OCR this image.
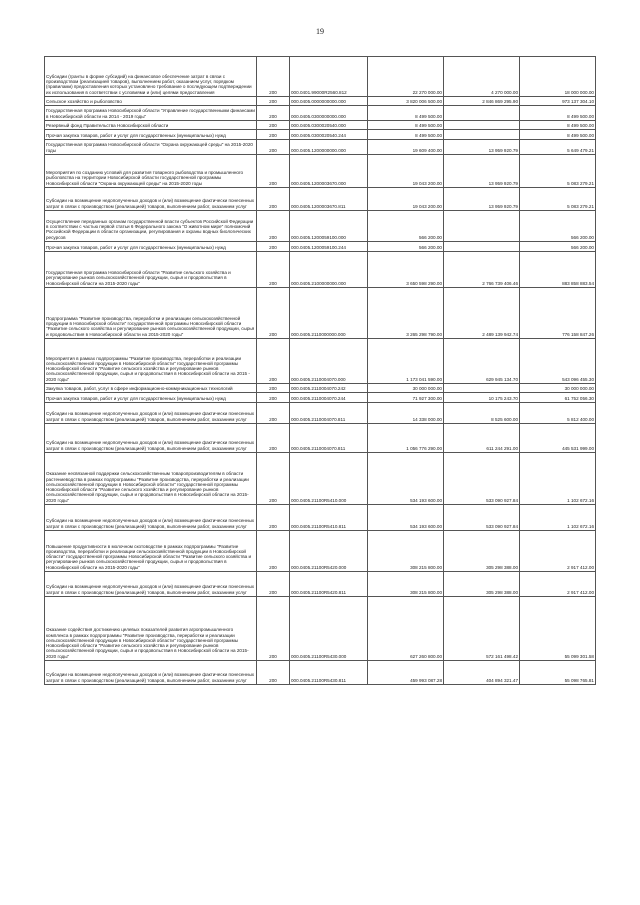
19
Субсидии (гранты в форме субсидий) на финансовое обеспечение затрат в связи с производством (реализацией товаров), выполнением работ, оказанием услуг, порядком (правилами) предоставления которых установлено требование о последующем подтверждении их использования в соответствии с условиями и (или) целями предоставления	200	000.0401.99000R2560.812	22 270 000.00	4 270 000.00	18 000 000.00
Сельское хозяйство и рыболовство	200	000.0405.0000000000.000	3 820 006 500.00	2 846 869 295.90	973 137 304.10
Государственная программа Новосибирской области "Управление государственными финансами в Новосибирской области на 2014 - 2019 годы"	200	000.0405.0300000000.000	8 499 500.00		8 499 500.00
Резервный фонд Правительства Новосибирской области	200	000.0405.0300020540.000	8 499 500.00		8 499 500.00
Прочая закупка товаров, работ и услуг для государственных (муниципальных) нужд	200	000.0405.0300020540.244	8 499 500.00		8 499 500.00
Государственная программа Новосибирской области "Охрана окружающей среды" на 2015-2020 годы	200	000.0405.1200000000.000	19 609 400.00	13 959 920.79	5 649 479.21
Мероприятия по созданию условий для развития товарного рыбоводства и промышленного рыболовства на территории Новосибирской области государственной программы Новосибирской области "Охрана окружающей среды" на 2015-2020 годы	200	000.0405.1200003670.000	19 043 200.00	13 959 920.79	5 083 279.21
Субсидии на возмещение недополученных доходов и (или) возмещение фактически понесенных затрат в связи с производством (реализацией) товаров, выполнением работ, оказанием услуг	200	000.0405.1200003670.811	19 043 200.00	13 959 920.79	5 083 279.21
Осуществление переданных органам государственной власти субъектов Российской Федерации в соответствии с частью первой статьи 6 Федерального закона "О животном мире" полномочий Российской Федерации в области организации, регулирования и охраны водных биологических ресурсов	200	000.0405.1200059100.000	566 200.00		566 200.00
Прочая закупка товаров, работ и услуг для государственных (муниципальных) нужд	200	000.0405.1200059100.244	566 200.00		566 200.00
Государственная программа Новосибирской области "Развитие сельского хозяйства и регулирование рынков сельскохозяйственной продукции, сырья и продовольствия в Новосибирской области на 2015-2020 годы"	200	000.0405.2100000000.000	3 650 598 290.00	2 766 739 406.46	883 858 883.54
Подпрограмма "Развитие производства, переработки и реализации сельскохозяйственной продукции в Новосибирской области" государственной программы Новосибирской области "Развитие сельского хозяйства и регулирование рынков сельскохозяйственной продукции, сырья и продовольствия в Новосибирской области на 2015-2020 годы"	200	000.0405.2110000000.000	3 265 298 790.00	2 489 139 942.74	776 158 847.26
Мероприятия в рамках подпрограммы "Развитие производства, переработки и реализации сельскохозяйственной продукции в Новосибирской области" государственной программы Новосибирской области "Развитие сельского хозяйства и регулирование рынков сельскохозяйственной продукции, сырья и продовольствия в Новосибирской области на 2015 - 2020 годы"	200	000.0405.2110004070.000	1 173 041 590.00	629 945 134.70	543 096 455.30
Закупка товаров, работ, услуг в сфере информационно-коммуникационных технологий	200	000.0405.2110004070.242	30 000 000.00		30 000 000.00
Прочая закупка товаров, работ и услуг для государственных (муниципальных) нужд	200	000.0405.2110004070.244	71 927 300.00	10 175 243.70	61 752 056.30
Субсидии на возмещение недополученных доходов и (или) возмещение фактически понесенных затрат в связи с производством (реализацией) товаров, выполнением работ, оказанием услуг	200	000.0405.2110004070.811	14 338 000.00	8 525 600.00	5 812 400.00
Субсидии на возмещение недополученных доходов и (или) возмещение фактически понесенных затрат в связи с производством (реализацией) товаров, выполнением работ, оказанием услуг	200	000.0405.2110004070.811	1 056 776 290.00	611 244 291.00	445 531 999.00
Оказание несвязанной поддержки сельскохозяйственным товаропроизводителям в области растениеводства в рамках подпрограммы "Развитие производства, переработки и реализации сельскохозяйственной продукции в Новосибирской области" государственной программы Новосибирской области "Развитие сельского хозяйства и регулирование рынков сельскохозяйственной продукции, сырья и продовольствия в Новосибирской области на 2015-2020 годы"	200	000.0405.21100R5410.000	534 193 600.00	533 090 927.84	1 102 672.16
Субсидии на возмещение недополученных доходов и (или) возмещение фактически понесенных затрат в связи с производством (реализацией) товаров, выполнением работ, оказанием услуг	200	000.0405.21100R5410.811	534 193 600.00	533 090 927.84	1 102 672.16
Повышение продуктивности в молочном скотоводстве в рамках подпрограммы "Развитие производства, переработки и реализации сельскохозяйственной продукции в Новосибирской области" государственной программы Новосибирской области "Развитие сельского хозяйства и регулирование рынков сельскохозяйственной продукции, сырья и продовольствия в Новосибирской области на 2015-2020 годы"	200	000.0405.21100R5420.000	308 215 800.00	305 298 388.00	2 917 412.00
Субсидии на возмещение недополученных доходов и (или) возмещение фактически понесенных затрат в связи с производством (реализацией) товаров, выполнением работ, оказанием услуг	200	000.0405.21100R5420.811	308 215 800.00	305 298 388.00	2 917 412.00
Оказание содействия достижению целевых показателей развития агропромышленного комплекса в рамках подпрограммы "Развитие производства, переработки и реализации сельскохозяйственной продукции в Новосибирской области" государственной программы Новосибирской области "Развитие сельского хозяйства и регулирование рынков сельскохозяйственной продукции, сырья и продовольствия в Новосибирской области на 2015-2020 годы"	200	000.0405.21100R5430.000	627 260 800.00	572 161 498.42	55 099 301.58
Субсидии на возмещение недополученных доходов и (или) возмещение фактически понесенных затрат в связи с производством (реализацией) товаров, выполнением работ, оказанием услуг	200	000.0405.21100R5430.811	459 993 087.28	404 894 321.47	55 098 765.81
